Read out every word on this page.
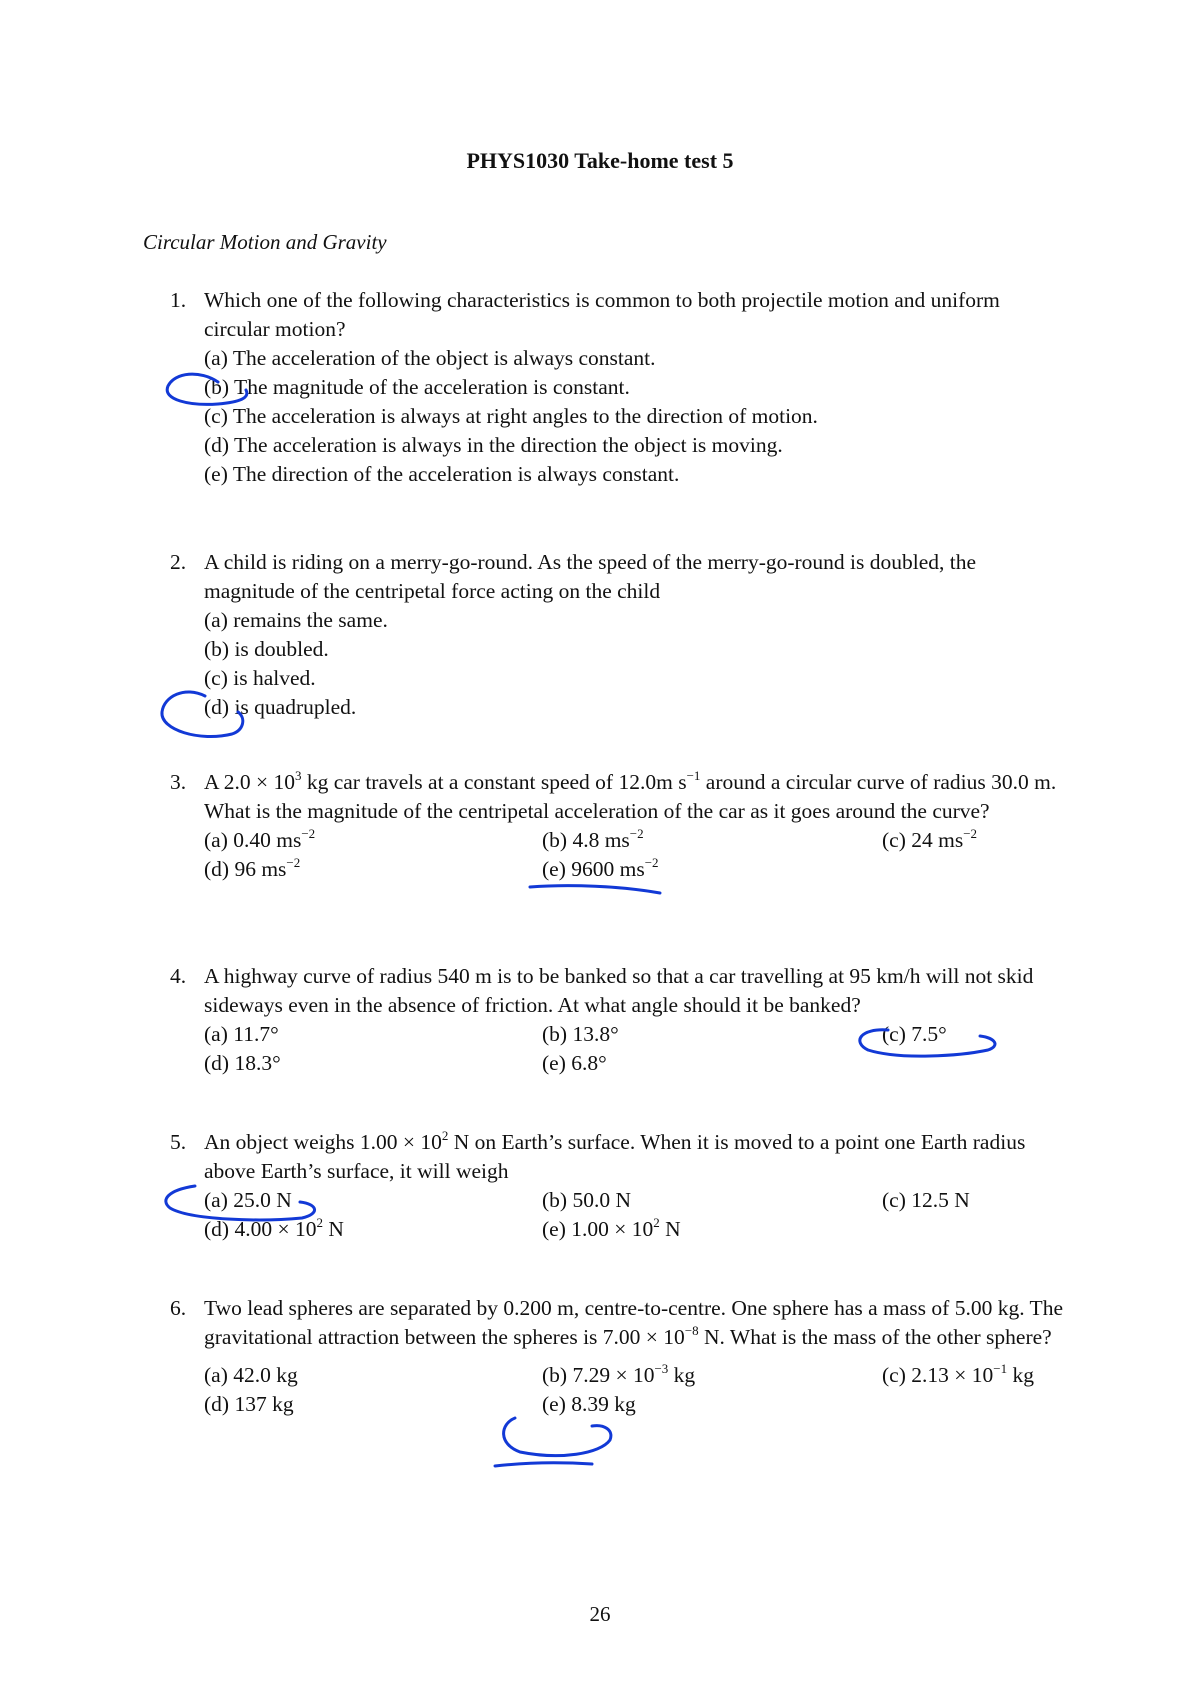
PHYS1030 Take-home test 5
Circular Motion and Gravity
1. Which one of the following characteristics is common to both projectile motion and uniform circular motion?
(a) The acceleration of the object is always constant.
(b) The magnitude of the acceleration is constant.
(c) The acceleration is always at right angles to the direction of motion.
(d) The acceleration is always in the direction the object is moving.
(e) The direction of the acceleration is always constant.
2. A child is riding on a merry-go-round. As the speed of the merry-go-round is doubled, the magnitude of the centripetal force acting on the child
(a) remains the same.
(b) is doubled.
(c) is halved.
(d) is quadrupled.
3. A $2.0 \times 10^3$ kg car travels at a constant speed of 12.0m $s^{-1}$ around a circular curve of radius 30.0 m. What is the magnitude of the centripetal acceleration of the car as it goes around the curve?
(a) 0.40 $ms^{-2}$	(b) 4.8 $ms^{-2}$	(c) 24 $ms^{-2}$
(d) 96 $ms^{-2}$	(e) 9600 $ms^{-2}$
4. A highway curve of radius 540 m is to be banked so that a car travelling at 95 km/h will not skid sideways even in the absence of friction. At what angle should it be banked?
(a) 11.7°	(b) 13.8°	(c) 7.5°
(d) 18.3°	(e) 6.8°
5. An object weighs $1.00 \times 10^2$ N on Earth’s surface. When it is moved to a point one Earth radius above Earth’s surface, it will weigh
(a) 25.0 N	(b) 50.0 N	(c) 12.5 N
(d) $4.00 \times 10^2$ N	(e) $1.00 \times 10^2$ N
6. Two lead spheres are separated by 0.200 m, centre-to-centre. One sphere has a mass of 5.00 kg. The gravitational attraction between the spheres is $7.00 \times 10^{-8}$ N. What is the mass of the other sphere?
(a) 42.0 kg	(b) $7.29 \times 10^{-3}$ kg	(c) $2.13 \times 10^{-1}$ kg
(d) 137 kg	(e) 8.39 kg
26
